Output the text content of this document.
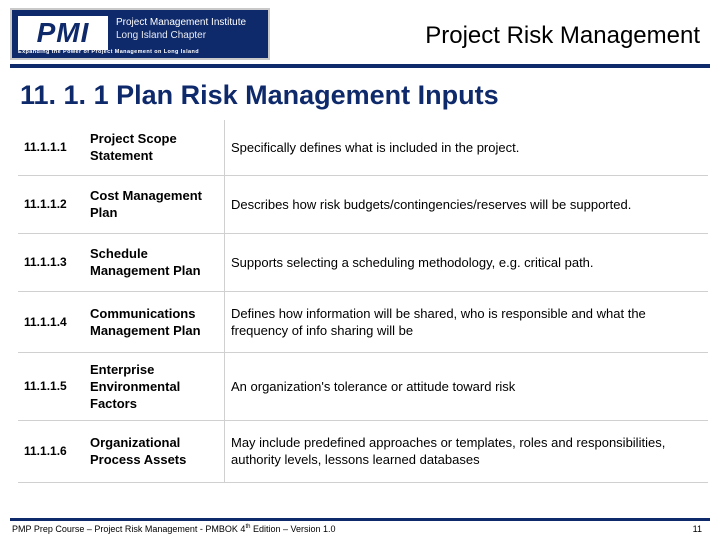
PMI	Project Management Institute
Long Island Chapter
Expanding the Power of Project Management on Long Island
Project Risk Management
11. 1. 1 Plan Risk Management Inputs
11.1.1.1	Project Scope Statement	Specifically defines what is included in the project.
11.1.1.2	Cost Management Plan	Describes how risk budgets/contingencies/reserves will be supported.
11.1.1.3	Schedule Management Plan	Supports selecting a scheduling methodology, e.g. critical path.
11.1.1.4	Communications Management Plan	Defines how information will be shared, who is responsible and what the frequency of info sharing will be
11.1.1.5	Enterprise Environmental Factors	An organization's tolerance or attitude toward risk
11.1.1.6	Organizational Process Assets	May include predefined approaches or templates, roles and responsibilities, authority levels, lessons learned databases
PMP Prep Course – Project Risk Management - PMBOK 4th Edition – Version 1.0	11
